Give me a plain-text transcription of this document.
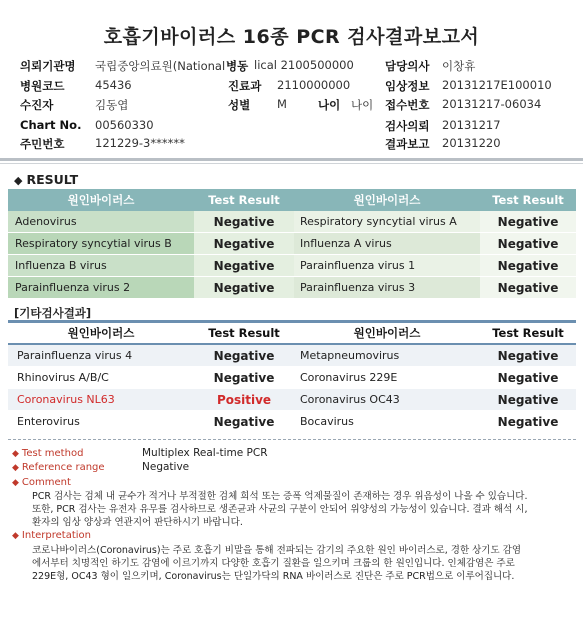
호흡기바이러스 16종 PCR 검사결과보고서
의뢰기관명 국립중앙의료원(National 병동 lical 2100500000	담당의사 이창휴
병원코드	45436	진료과 2110000000	임상정보 20131217E100010
수진자	김동엽	성별 M	나이 나이 접수번호 20131217-06034
Chart No. 00560330	검사의뢰 20131217
주민번호	121229-3******	결과보고 20131220
◆ RESULT
원인바이러스	Test Result	원인바이러스	Test Result
Adenovirus	Negative	Respiratory syncytial virus A	Negative
Respiratory syncytial virus B	Negative	Influenza A virus	Negative
Influenza B virus	Negative	Parainfluenza virus 1	Negative
Parainfluenza virus 2	Negative	Parainfluenza virus 3	Negative
[기타검사결과]
원인바이러스	Test Result	원인바이러스	Test Result
Parainfluenza virus 4	Negative	Metapneumovirus	Negative
Rhinovirus A/B/C	Negative	Coronavirus 229E	Negative
Coronavirus NL63	Positive	Coronavirus OC43	Negative
Enterovirus	Negative	Bocavirus	Negative
◆ Test method	Multiplex Real-time PCR
◆ Reference range	Negative
◆ Comment
PCR 검사는 검체 내 균수가 적거나 부적절한 검체 희석 또는 증폭 억제물질이 존재하는 경우 위음성이 나올 수 있습니다.
또한, PCR 검사는 유전자 유무를 검사하므로 생존균과 사균의 구분이 안되어 위양성의 가능성이 있습니다. 결과 해석 시,
환자의 임상 양상과 연관지어 판단하시기 바랍니다.
◆ Interpretation
코로나바이러스(Coronavirus)는 주로 호흡기 비말을 통해 전파되는 감기의 주요한 원인 바이러스로, 경한 상기도 감염
에서부터 치명적인 하기도 감염에 이르기까지 다양한 호흡기 질환을 일으키며 크룹의 한 원인입니다. 인체감염은 주로
229E형, OC43 형이 일으키며, Coronavirus는 단일가닥의 RNA 바이러스로 진단은 주로 PCR법으로 이루어집니다.
